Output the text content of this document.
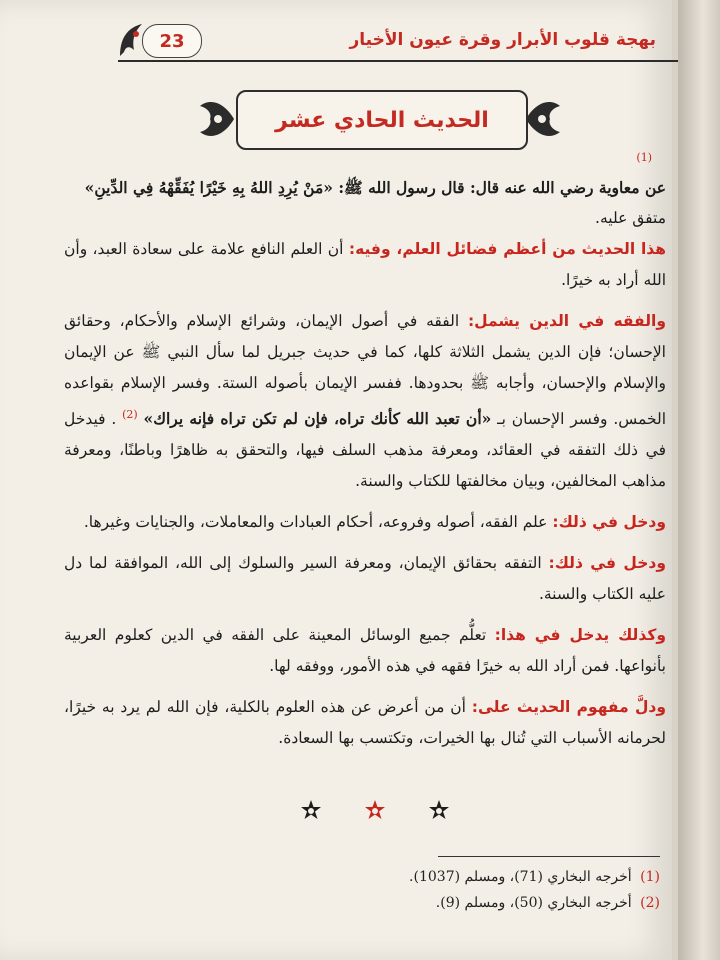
23	بهجة قلوب الأبرار وقرة عيون الأخيار
الحديث الحادي عشر

$^{(1)}$

عن معاوية رضي الله عنه قال: قال رسول الله ﷺ: «مَنْ يُرِدِ اللهُ بِهِ خَيْرًا يُفَقِّهْهُ فِي الدِّينِ»

متفق عليه.

هذا الحديث من أعظم فضائل العلم، وفيه: أن العلم النافع علامة على سعادة العبد، وأن الله أراد به خيرًا.

والفقه في الدين يشمل: الفقه في أصول الإيمان، وشرائع الإسلام والأحكام، وحقائق الإحسان؛ فإن الدين يشمل الثلاثة كلها، كما في حديث جبريل لما سأل النبي ﷺ عن الإيمان والإسلام والإحسان، وأجابه ﷺ بحدودها. ففسر الإيمان بأصوله الستة. وفسر الإسلام بقواعده الخمس. وفسر الإحسان بـ «أن تعبد الله كأنك تراه، فإن لم تكن تراه فإنه يراك» $^{(2)}$ . فيدخل في ذلك التفقه في العقائد، ومعرفة مذهب السلف فيها، والتحقق به ظاهرًا وباطنًا، ومعرفة مذاهب المخالفين، وبيان مخالفتها للكتاب والسنة.

ودخل في ذلك: علم الفقه، أصوله وفروعه، أحكام العبادات والمعاملات، والجنايات وغيرها.

ودخل في ذلك: التفقه بحقائق الإيمان، ومعرفة السير والسلوك إلى الله، الموافقة لما دل عليه الكتاب والسنة.

وكذلك يدخل في هذا: تعلُّم جميع الوسائل المعينة على الفقه في الدين كعلوم العربية بأنواعها. فمن أراد الله به خيرًا فقهه في هذه الأمور، ووفقه لها.

ودلَّ مفهوم الحديث على: أن من أعرض عن هذه العلوم بالكلية، فإن الله لم يرد به خيرًا، لحرمانه الأسباب التي تُنال بها الخيرات، وتكتسب بها السعادة.

(1) أخرجه البخاري (71)، ومسلم (1037).
(2) أخرجه البخاري (50)، ومسلم (9).
